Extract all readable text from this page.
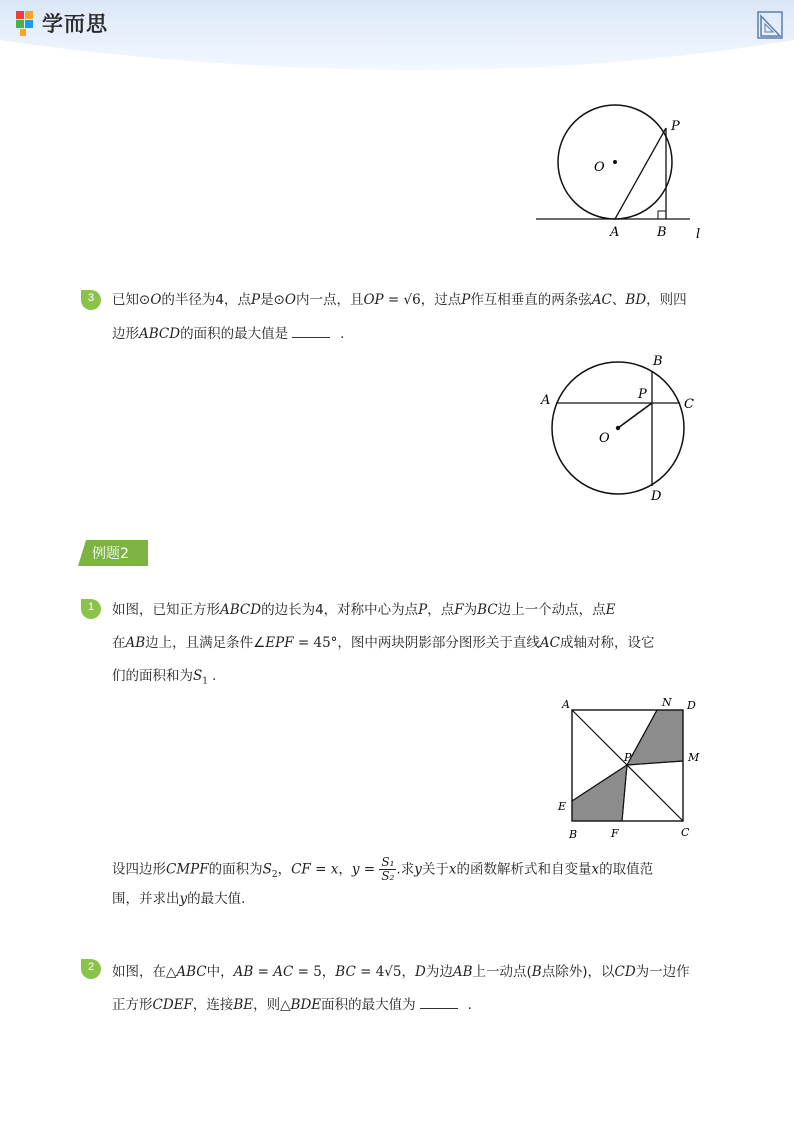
学而思
P
O
A	B l
3	已知⊙O的半径为4，点P是⊙O内一点，且OP = √6，过点P作互相垂直的两条弦AC、BD，则四
边形ABCD的面积的最大值是	.
B
A	P
C
O
D
例题2
1	如图，已知正方形ABCD的边长为4，对称中心为点P，点F为BC边上一个动点，点E
在AB边上，且满足条件∠EPF = 45°，图中两块阴影部分图形关于直线AC成轴对称，设它
们的面积和为$S_1$ .
A	N D
P	M
E
B	F	C
设四边形CMPF的面积为$S_2$，CF = x，$y = \frac{\text{S₁}}{\text{S₂}}$ .求y关于x的函数解析式和自变量x的取值范
围，并求出y的最大值.
2	如图，在△ABC中，AB = AC = 5，BC = 4√5，D为边AB上一动点(B点除外)，以CD为一边作
正方形CDEF，连接BE，则△BDE面积的最大值为	.
